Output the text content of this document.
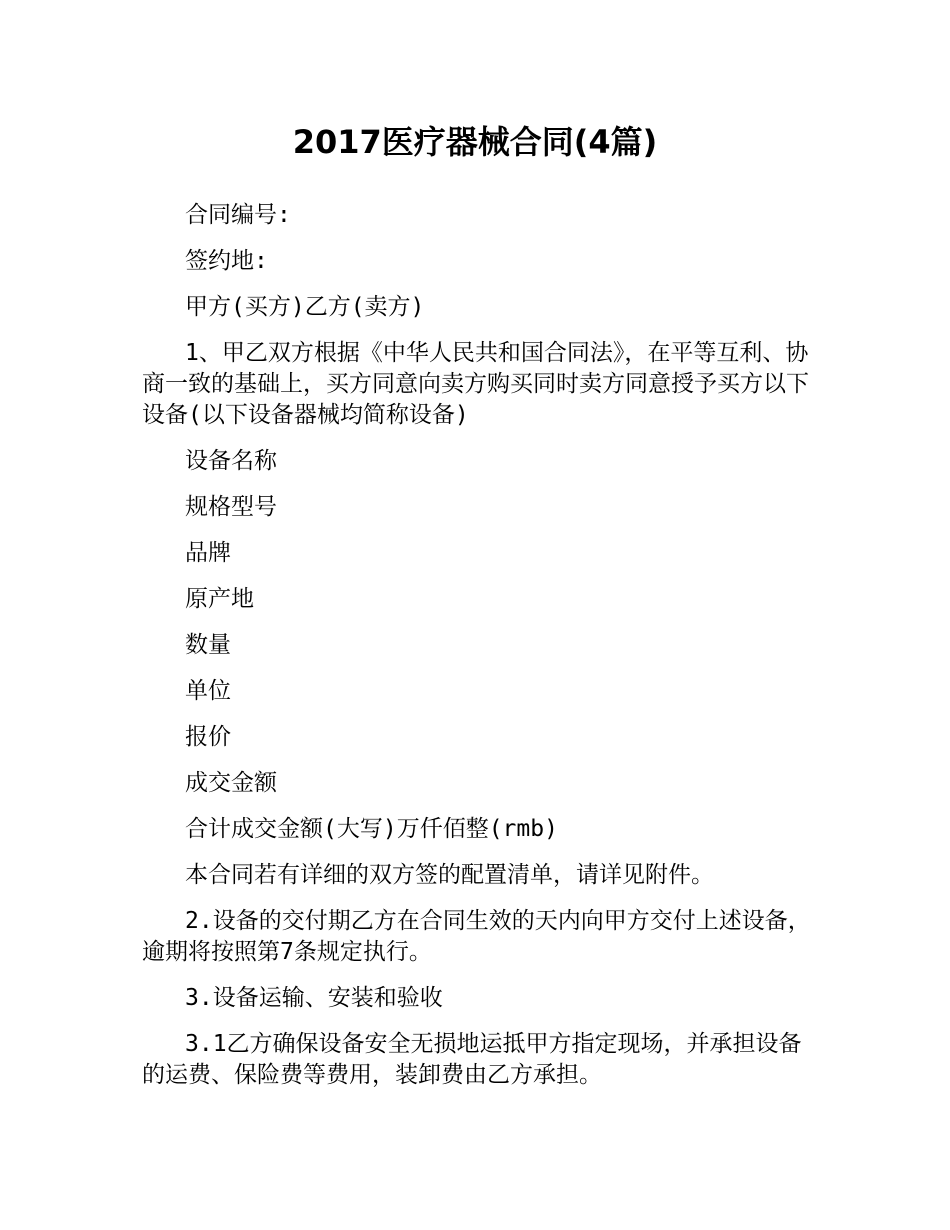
2017医疗器械合同(4篇)

合同编号:

签约地:

甲方(买方)乙方(卖方)

1、甲乙双方根据《中华人民共和国合同法》，在平等互利、协商一致的基础上，买方同意向卖方购买同时卖方同意授予买方以下设备(以下设备器械均简称设备)

设备名称

规格型号

品牌

原产地

数量

单位

报价

成交金额

合计成交金额(大写)万仟佰整(rmb)

本合同若有详细的双方签的配置清单，请详见附件。

2.设备的交付期乙方在合同生效的天内向甲方交付上述设备，逾期将按照第7条规定执行。

3.设备运输、安装和验收

3.1乙方确保设备安全无损地运抵甲方指定现场，并承担设备的运费、保险费等费用，装卸费由乙方承担。
